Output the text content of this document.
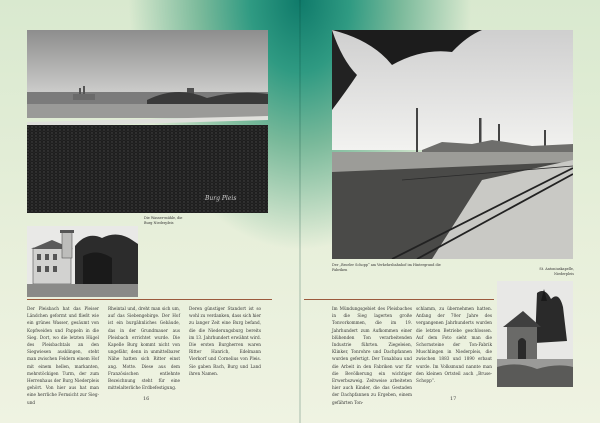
Burg Pleis
Die Wasser-mühle, die Burg Niederpleis

Der Pleisbach hat das Pleiser Ländchen geformt und fließt wie ein grünes Wasser, gesäumt von Kopfweiden und Pappeln in die Sieg. Dort, wo die letzten Hügel des Pleisbachtals an den Siegwiesen ausklingen, steht man zwischen Feldern einem Hof mit einem hellen, markanten, mehrstöckigen Turm, der zum Herrenhaus der Burg Niederpleis gehört. Von hier aus hat man eine herrliche Fernsicht zur Sieg- und

Rheintal und, dreht man sich um, auf das Siebengebirge. Der Hof ist ein burgähnliches Gebäude, das in der Grundmauer aus Pleisbach errichtet wurde. Die Kapelle Burg kommt nicht von ungefähr, denn in unmittelbarer Nähe hatten sich Ritter einst ang. Motte. Diese aus dem Französischen entlehnte Bezeichnung steht für eine mittelalterliche Erdbefestigung.

Deren günstiger Standort ist so wohl zu verdanken, dass sich hier zu langer Zeit eine Burg befand, die die Niederungsburg bereits im 13. Jahrhundert erwähnt wird. Die ersten Burgherren waren Ritter Hanrich, Edelmann Vierkorf und Cornelius von Pleis. Sie gaben Bach, Burg und Land ihren Namen.

16
Der „Broeler Schopp“ am Verkehrsbahnhof im Hintergrund die Fabriken	St. Antoniuskapelle, Niederpleis

Im Mündungsgebiet des Pleisbaches in die Sieg lagerten große Tonvorkommen, die im 19. Jahrhundert zum Aufkommen einer blühenden Ton verarbeitenden Industrie führten. Ziegeleien, Klinker, Tonrohre und Dachpfannen wurden gefertigt. Der Tonabbau und die Arbeit in den Fabriken war für die Bevölkerung ein wichtiger Erwerbszweig. Zeitweise arbeiteten hier auch Kinder, die das Gestaden der Dachpfannen zu Ergeben, einem gefährten Ton-

schlamm, zu übernehmen hatten. Anfang der 70er Jahre des vergangenen Jahrhunderts wurden die letzten Betriebe geschlossen. Auf dem Foto sieht man die Schornsteine der Ton-Fabrik Muschlingen in Niederpleis, die zwischen 1883 und 1890 erbaut wurde. Im Volksmund nannte man den kleinen Ortsteil auch „Bruse-Schopp“.

17
